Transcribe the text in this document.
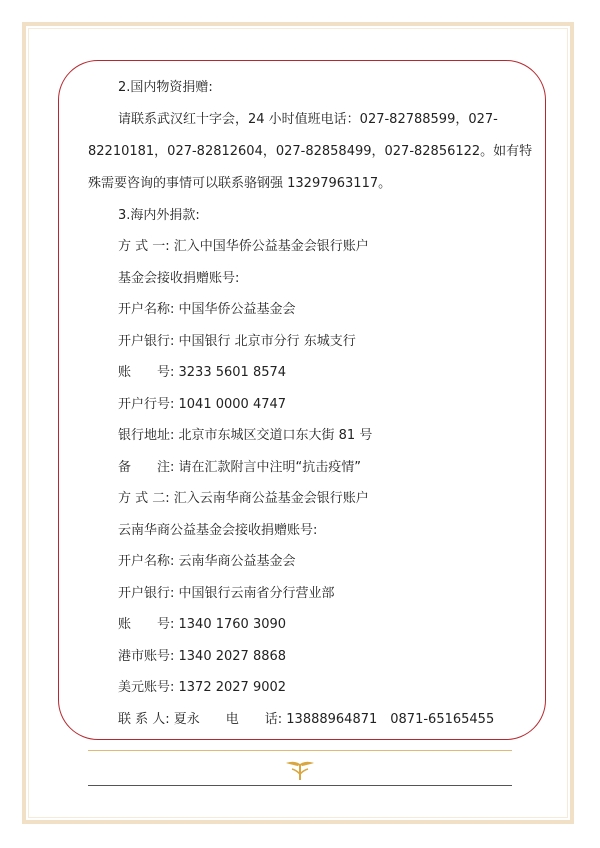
2.国内物资捐赠:
请联系武汉红十字会，24 小时值班电话：027-82788599，027-
82210181，027-82812604，027-82858499，027-82856122。如有特
殊需要咨询的事情可以联系骆钢强 13297963117。
3.海内外捐款:
方 式 一: 汇入中国华侨公益基金会银行账户
基金会接收捐赠账号:
开户名称: 中国华侨公益基金会
开户银行: 中国银行 北京市分行 东城支行
账　　号: 3233 5601 8574
开户行号: 1041 0000 4747
银行地址: 北京市东城区交道口东大街 81 号
备　　注: 请在汇款附言中注明“抗击疫情”
方 式 二: 汇入云南华商公益基金会银行账户
云南华商公益基金会接收捐赠账号:
开户名称: 云南华商公益基金会
开户银行: 中国银行云南省分行营业部
账　　号: 1340 1760 3090
港市账号: 1340 2027 8868
美元账号: 1372 2027 9002
联 系 人: 夏永　　电　　话: 13888964871　0871-65165455
